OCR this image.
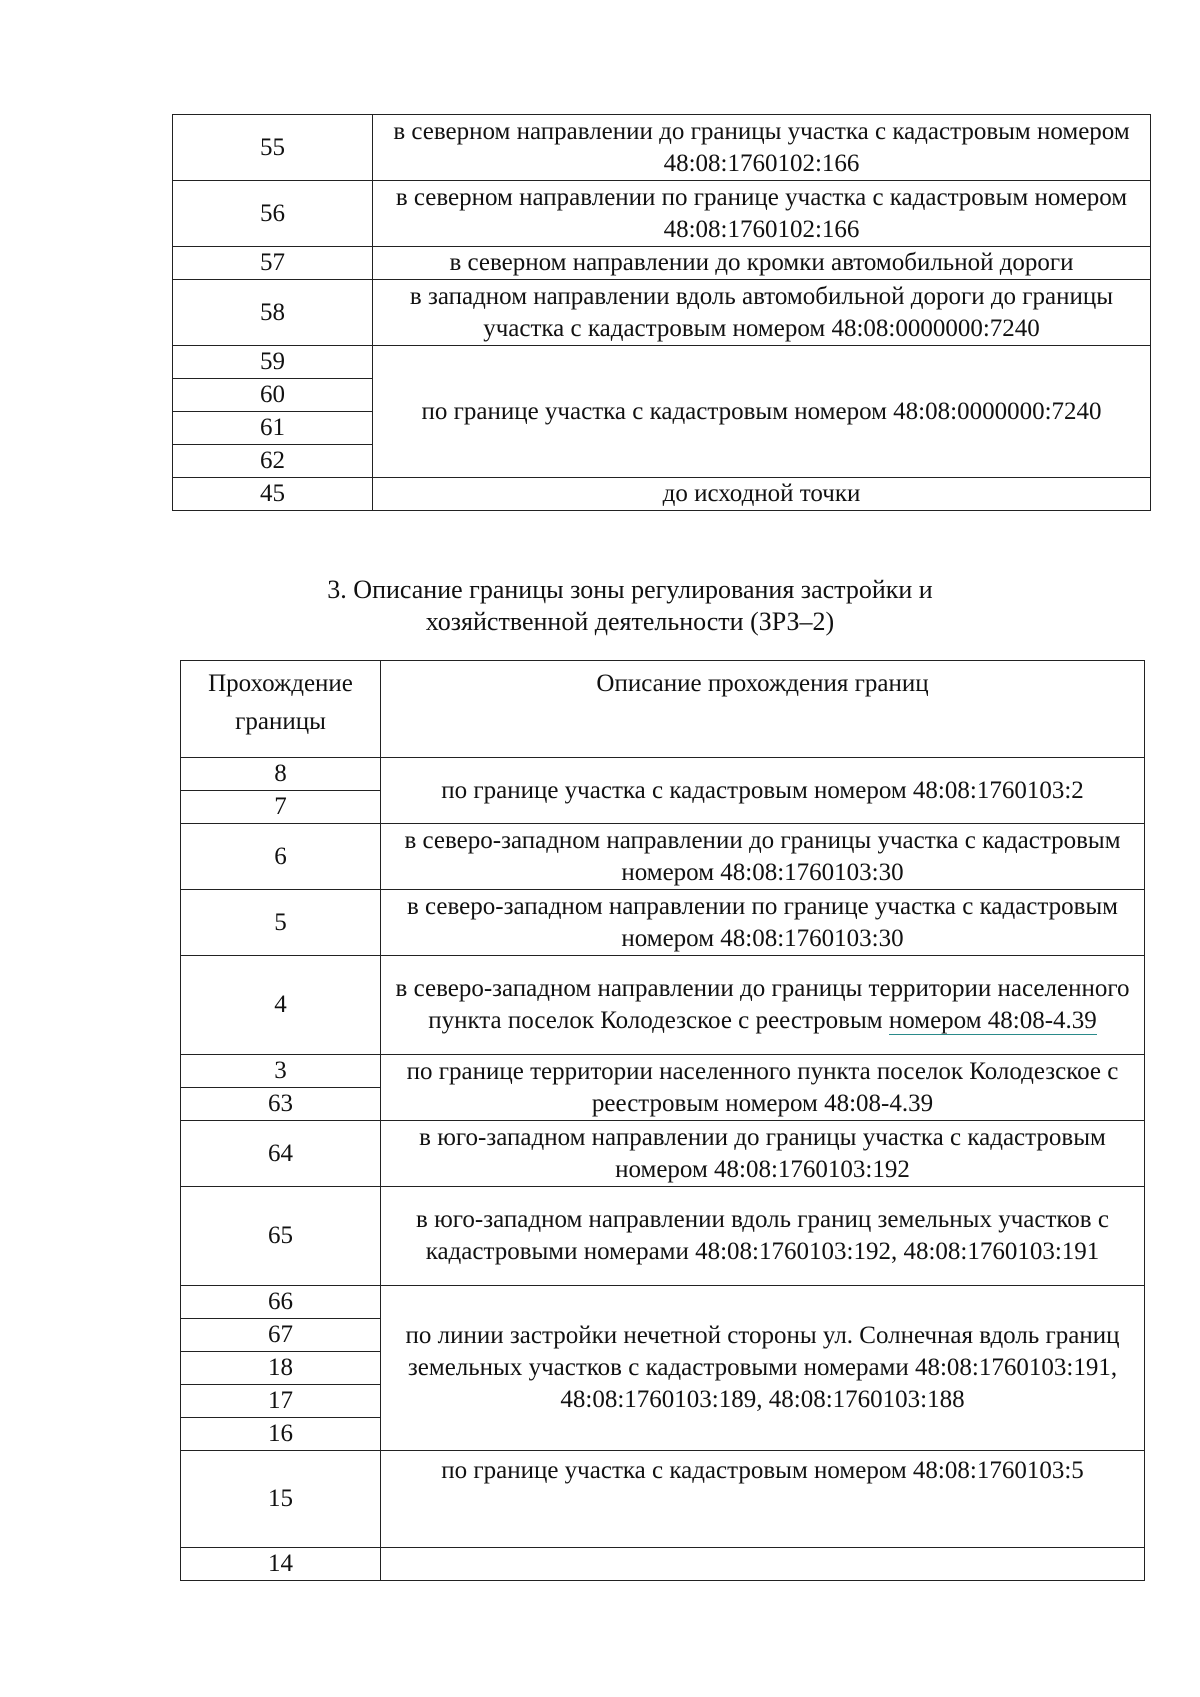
55	в северном направлении до границы участка с кадастровым номером 48:08:1760102:166
56	в северном направлении по границе участка с кадастровым номером 48:08:1760102:166
57	в северном направлении до кромки автомобильной дороги
58	в западном направлении вдоль автомобильной дороги до границы участка с кадастровым номером 48:08:0000000:7240
59	по границе участка с кадастровым номером 48:08:0000000:7240
60	
61	
62	
45	до исходной точки
3. Описание границы зоны регулирования застройки и
хозяйственной деятельности (ЗРЗ–2)
Прохождение границы	Описание прохождения границ
8	по границе участка с кадастровым номером 48:08:1760103:2
7	
6	в северо-западном направлении до границы участка с кадастровым номером 48:08:1760103:30
5	в северо-западном направлении по границе участка с кадастровым номером 48:08:1760103:30
4	в северо-западном направлении до границы территории населенного пункта поселок Колодезское с реестровым номером 48:08-4.39
3	по границе территории населенного пункта поселок Колодезское с реестровым номером 48:08-4.39
63	
64	в юго-западном направлении до границы участка с кадастровым номером 48:08:1760103:192
65	в юго-западном направлении вдоль границ земельных участков с кадастровыми номерами 48:08:1760103:192, 48:08:1760103:191
66	по линии застройки нечетной стороны ул. Солнечная вдоль границ земельных участков с кадастровыми номерами 48:08:1760103:191, 48:08:1760103:189, 48:08:1760103:188
67	
18	
17	
16	
15	по границе участка с кадастровым номером 48:08:1760103:5
14	
